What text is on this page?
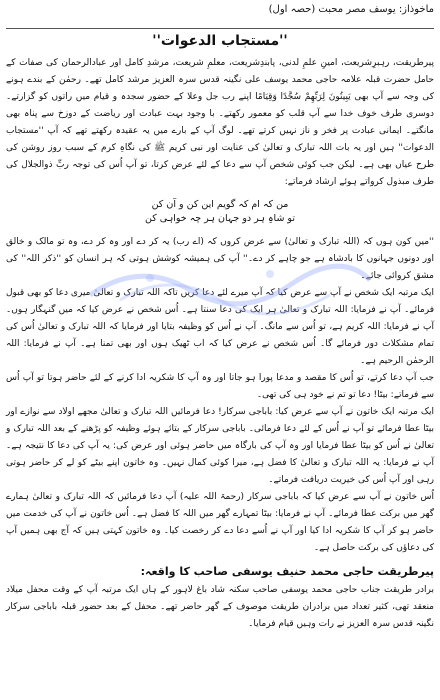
ماخوذاز: یوسف مصر محبت (حصہ اول)
''مستجاب الدعوات''

پیرطریقت، رہبرِشریعت، امینِ علمِ لدنی، پابندِشریعت، معلمِ شریعت، مرشدِ کامل اور عبادالرحمان کی صفات کے حامل حضرت قبلہ علامہ حاجی محمد یوسف علی نگینہ قدس سرہ العزیز مرشد کامل تھے۔ رحمٰن کے بندے ہونے کی وجہ سے آپ بھی یَبِیتُونَ لِرَبِّهِمْ سُجَّدًا وَقِيَامًا اپنے رب جل وعلا کے حضور سجدہ و قیام میں راتوں کو گزارتے۔ دوسری طرف خوف خدا سے آپ قلب کو معمور رکھتے۔ با وجود بہت عبادت اور ریاضت کے دوزخ سے پناہ بھی مانگتے۔ ایمانی عبادت پر فخر و ناز نہیں کرتے تھے۔ لوگ آپ کے بارے میں یہ عقیدہ رکھتے تھے کہ آپ ''مستجاب الدعوات'' ہیں اور یہ بات اللہ تبارک و تعالیٰ کی عنایت اور نبی کریم ﷺ کی نگاہِ کرم کے سبب روز روشن کی طرح عیاں بھی ہے۔ لیکن جب کوئی شخص آپ سے دعا کے لئے عرض کرتا، تو آپ اُس کی توجہ ربِّ ذوالجلال کی طرف مبذول کرواتے ہوئے ارشاد فرماتے:

من کہ ام کہ گویم این کن و آن کن
تو شاہِ ہر دو جہان ہر چہ خواہی کن

''میں کون ہوں کہ (اللہ تبارک و تعالیٰ) سے عرض کروں کہ (اے رب) یہ کر دے اور وہ کر دے، وہ تو مالک و خالق اور دونوں جہانوں کا بادشاہ ہے جو چاہے کر دے۔'' آپ کی ہمیشہ کوشش ہوتی کہ ہر انسان کو ''ذکر اللہ'' کی مشق کروائی جائے۔

ایک مرتبہ ایک شخص نے آپ سے عرض کیا کہ آپ میرے لئے دعا کریں تاکہ اللہ تبارک و تعالیٰ میری دعا کو بھی قبول فرمائے۔ آپ نے فرمایا: اللہ تبارک و تعالیٰ ہر ایک کی دعا سنتا ہے۔ اُس شخص نے عرض کیا کہ میں گنہگار ہوں۔ آپ نے فرمایا: اللہ کریم ہے، تو اُس سے مانگ۔ آپ نے اُس کو وظیفہ بتایا اور فرمایا کہ اللہ تبارک و تعالیٰ اُس کی تمام مشکلات دور فرمائے گا۔ اُس شخص نے عرض کیا کہ اب ٹھیک ہوں اور بھی تمنا ہے۔ آپ نے فرمایا: اللہ الرحمٰن الرحیم ہے۔

جب آپ دعا کرتے، تو اُس کا مقصد و مدعا پورا ہو جاتا اور وہ آپ کا شکریہ ادا کرنے کے لئے حاضر ہوتا تو آپ اُس سے فرماتے: بیٹا! دعا تو تم نے خود ہی کی تھی۔

ایک مرتبہ ایک خاتون نے آپ سے عرض کیا: باباجی سرکار! دعا فرمائیں اللہ تبارک و تعالیٰ مجھے اولاد سے نوازے اور بیٹا عطا فرمائے تو آپ نے اُس کے لئے دعا فرمائی۔ باباجی سرکار کے بتائے ہوئے وظیفہ کو پڑھنے کے بعد اللہ تبارک و تعالیٰ نے اُس کو بیٹا عطا فرمایا اور وہ آپ کی بارگاہ میں حاضر ہوئی اور عرض کی: یہ آپ کی دعا کا نتیجہ ہے۔ آپ نے فرمایا: یہ اللہ تبارک و تعالیٰ کا فضل ہے، میرا کوئی کمال نہیں۔ وہ خاتون اپنے بیٹے کو لے کر حاضر ہوتی رہی اور آپ اُس کی خیریت دریافت فرماتے۔

اُس خاتون نے آپ سے عرض کیا کہ باباجی سرکار (رحمۃ اللہ علیہ) آپ دعا فرمائیں کہ اللہ تبارک و تعالیٰ ہمارے گھر میں برکت عطا فرمائے۔ آپ نے فرمایا: بیٹا تمہارے گھر میں اللہ کا فضل ہے۔ اُس خاتون نے آپ کی خدمت میں حاضر ہو کر آپ کا شکریہ ادا کیا اور آپ نے اُسے دعا دے کر رخصت کیا۔ وہ خاتون کہتی ہیں کہ آج بھی ہمیں آپ کی دعاؤں کی برکت حاصل ہے۔

پیرطریقت حاجی محمد حنیف یوسفی صاحب کا واقعہ:

برادر طریقت جناب حاجی محمد یوسفی صاحب سکنہ شاد باغ لاہور کے ہاں ایک مرتبہ آپ کے وقت محفل میلاد منعقد تھی، کثیر تعداد میں برادران طریقت موصوف کے گھر حاضر تھے۔ محفل کے بعد حضور قبلہ باباجی سرکار نگینہ قدس سرہ العزیز نے رات وہیں قیام فرمایا۔
